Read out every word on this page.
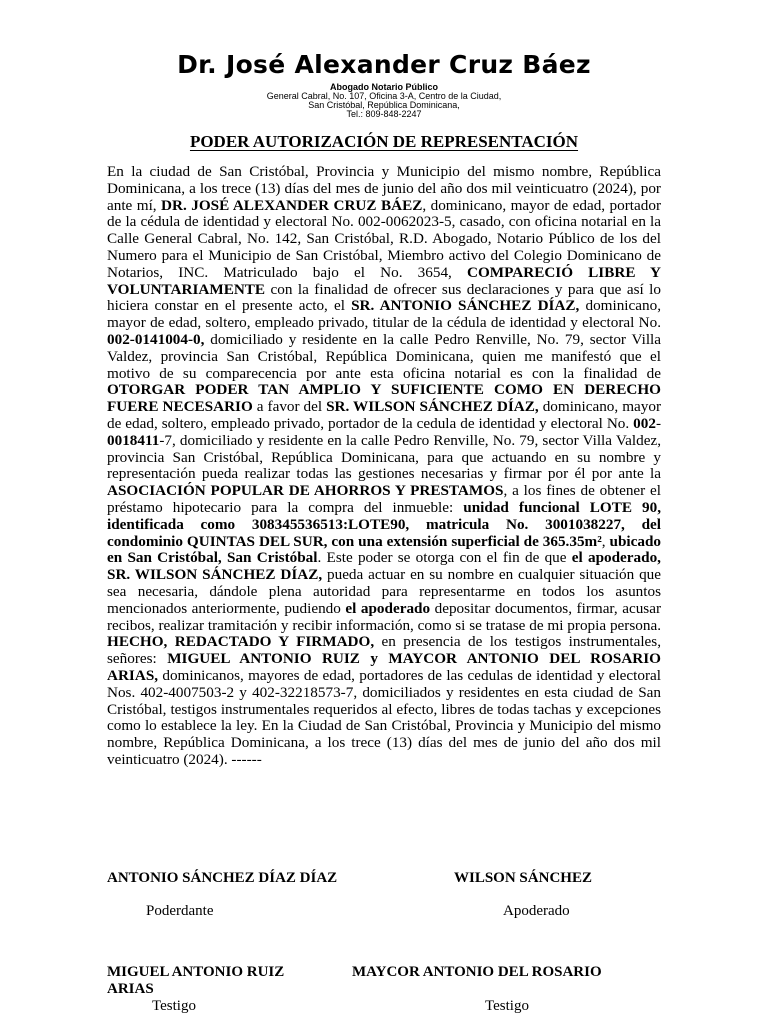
Dr. José Alexander Cruz Báez
Abogado Notario Público
General Cabral, No. 107, Oficina 3-A, Centro de la Ciudad,
San Cristóbal, República Dominicana,
Tel.: 809-848-2247
PODER AUTORIZACIÓN DE REPRESENTACIÓN
En la ciudad de San Cristóbal, Provincia y Municipio del mismo nombre, República Dominicana, a los trece (13) días del mes de junio del año dos mil veinticuatro (2024), por ante mí, DR. JOSÉ ALEXANDER CRUZ BÁEZ, dominicano, mayor de edad, portador de la cédula de identidad y electoral No. 002-0062023-5, casado, con oficina notarial en la Calle General Cabral, No. 142, San Cristóbal, R.D. Abogado, Notario Público de los del Numero para el Municipio de San Cristóbal, Miembro activo del Colegio Dominicano de Notarios, INC. Matriculado bajo el No. 3654, COMPARECIÓ LIBRE Y VOLUNTARIAMENTE con la finalidad de ofrecer sus declaraciones y para que así lo hiciera constar en el presente acto, el SR. ANTONIO SÁNCHEZ DÍAZ, dominicano, mayor de edad, soltero, empleado privado, titular de la cédula de identidad y electoral No. 002-0141004-0, domiciliado y residente en la calle Pedro Renville, No. 79, sector Villa Valdez, provincia San Cristóbal, República Dominicana, quien me manifestó que el motivo de su comparecencia por ante esta oficina notarial es con la finalidad de OTORGAR PODER TAN AMPLIO Y SUFICIENTE COMO EN DERECHO FUERE NECESARIO a favor del SR. WILSON SÁNCHEZ DÍAZ, dominicano, mayor de edad, soltero, empleado privado, portador de la cedula de identidad y electoral No. 002-0018411-7, domiciliado y residente en la calle Pedro Renville, No. 79, sector Villa Valdez, provincia San Cristóbal, República Dominicana, para que actuando en su nombre y representación pueda realizar todas las gestiones necesarias y firmar por él por ante la ASOCIACIÓN POPULAR DE AHORROS Y PRESTAMOS, a los fines de obtener el préstamo hipotecario para la compra del inmueble: unidad funcional LOTE 90, identificada como 308345536513:LOTE90, matricula No. 3001038227, del condominio QUINTAS DEL SUR, con una extensión superficial de 365.35m², ubicado en San Cristóbal, San Cristóbal. Este poder se otorga con el fin de que el apoderado, SR. WILSON SÁNCHEZ DÍAZ, pueda actuar en su nombre en cualquier situación que sea necesaria, dándole plena autoridad para representarme en todos los asuntos mencionados anteriormente, pudiendo el apoderado depositar documentos, firmar, acusar recibos, realizar tramitación y recibir información, como si se tratase de mi propia persona. HECHO, REDACTADO Y FIRMADO, en presencia de los testigos instrumentales, señores: MIGUEL ANTONIO RUIZ y MAYCOR ANTONIO DEL ROSARIO ARIAS, dominicanos, mayores de edad, portadores de las cedulas de identidad y electoral Nos. 402-4007503-2 y 402-32218573-7, domiciliados y residentes en esta ciudad de San Cristóbal, testigos instrumentales requeridos al efecto, libres de todas tachas y excepciones como lo establece la ley. En la Ciudad de San Cristóbal, Provincia y Municipio del mismo nombre, República Dominicana, a los trece (13) días del mes de junio del año dos mil veinticuatro (2024). ------
ANTONIO SÁNCHEZ DÍAZ DÍAZ
Poderdante
WILSON SÁNCHEZ
Apoderado
MIGUEL ANTONIO RUIZ ARIAS
Testigo
MAYCOR ANTONIO DEL ROSARIO
Testigo
